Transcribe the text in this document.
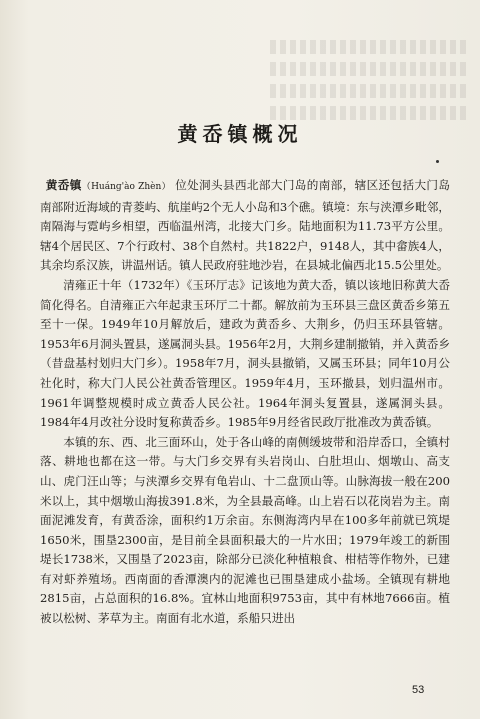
黄岙镇概况

黄岙镇（Huánɡ'ào Zhèn） 位处洞头县西北部大门岛的南部，辖区还包括大门岛南部附近海域的青菱屿、航崖屿2个无人小岛和3个礁。镇境：东与浃潭乡毗邻，南隔海与霓屿乡相望，西临温州湾，北接大门乡。陆地面积为11.73平方公里。辖4个居民区、7个行政村、38个自然村。共1822户，9148人，其中畲族4人，其余均系汉族，讲温州话。镇人民政府驻地沙岩，在县城北偏西北15.5公里处。

清雍正十年（1732年）《玉环厅志》记该地为黄大岙，镇以该地旧称黄大岙简化得名。自清雍正六年起隶玉环厅二十都。解放前为玉环县三盘区黄岙乡第五至十一保。1949年10月解放后，建政为黄岙乡、大荆乡，仍归玉环县管辖。1953年6月洞头置县，遂属洞头县。1956年2月，大荆乡建制撤销，并入黄岙乡（昔盘基村划归大门乡）。1958年7月，洞头县撤销，又属玉环县；同年10月公社化时，称大门人民公社黄岙管理区。1959年4月，玉环撤县，划归温州市。1961年调整规模时成立黄岙人民公社。1964年洞头复置县，遂属洞头县。1984年4月改社分设时复称黄岙乡。1985年9月经省民政厅批准改为黄岙镇。

本镇的东、西、北三面环山，处于各山峰的南侧缓坡带和沿岸岙口，全镇村落、耕地也都在这一带。与大门乡交界有头岩岗山、白肚坦山、烟墩山、高支山、虎门汪山等；与浃潭乡交界有龟岩山、十二盘顶山等。山脉海拔一般在200米以上，其中烟墩山海拔391.8米，为全县最高峰。山上岩石以花岗岩为主。南面泥滩发育，有黄岙涂，面积约1万余亩。东侧海湾内早在100多年前就已筑堤1650米，围垦2300亩，是目前全县面积最大的一片水田；1979年竣工的新围堤长1738米，又围垦了2023亩，除部分已淡化种植粮食、柑桔等作物外，已建有对虾养殖场。西南面的香潭澳内的泥滩也已围垦建成小盐场。全镇现有耕地2815亩，占总面积的16.8%。宜林山地面积9753亩，其中有林地7666亩。植被以松树、茅草为主。南面有北水道，系船只进出

53
